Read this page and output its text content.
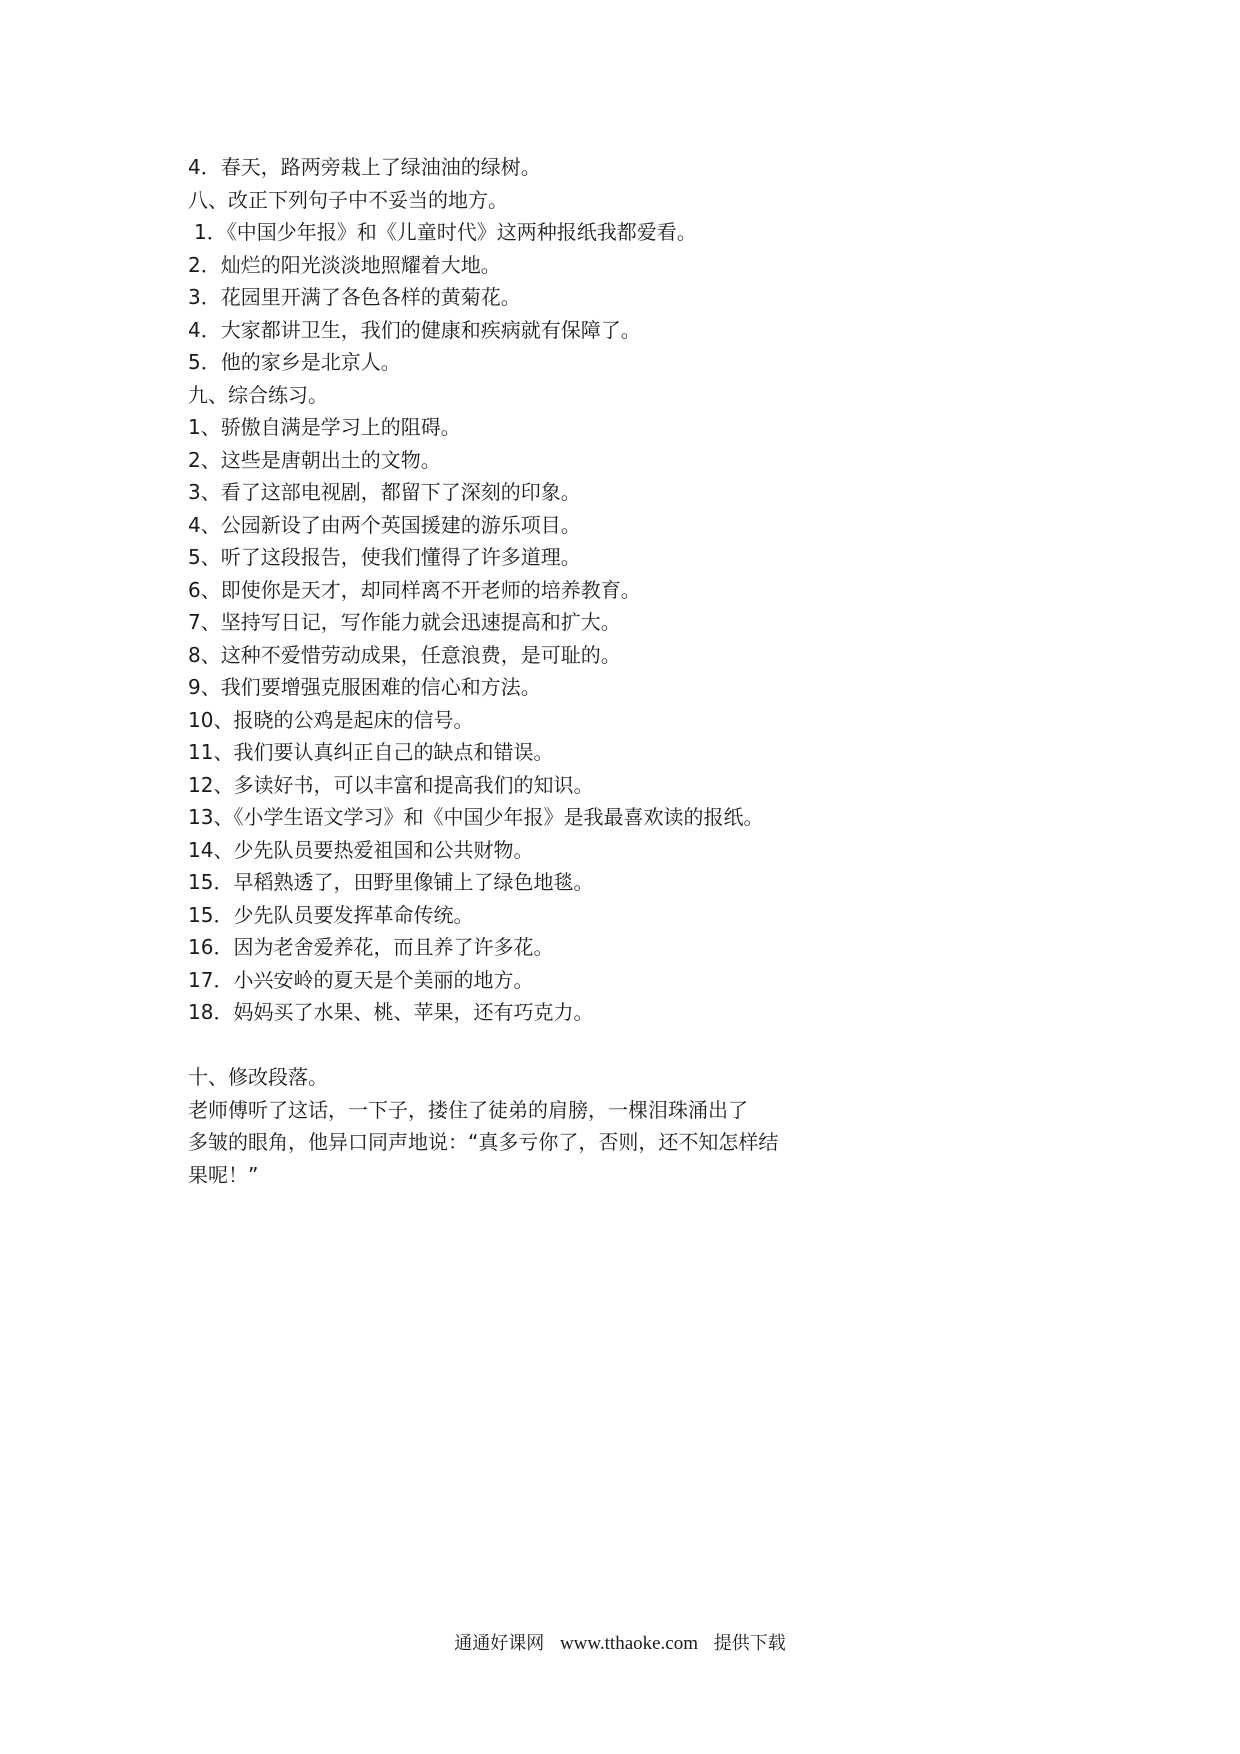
4．春天，路两旁栽上了绿油油的绿树。
八、改正下列句子中不妥当的地方。
1．《中国少年报》和《儿童时代》这两种报纸我都爱看。
2．灿烂的阳光淡淡地照耀着大地。
3．花园里开满了各色各样的黄菊花。
4．大家都讲卫生，我们的健康和疾病就有保障了。
5．他的家乡是北京人。
九、综合练习。
1、骄傲自满是学习上的阻碍。
2、这些是唐朝出土的文物。
3、看了这部电视剧，都留下了深刻的印象。
4、公园新设了由两个英国援建的游乐项目。
5、听了这段报告，使我们懂得了许多道理。
6、即使你是天才，却同样离不开老师的培养教育。
7、坚持写日记，写作能力就会迅速提高和扩大。
8、这种不爱惜劳动成果，任意浪费，是可耻的。
9、我们要增强克服困难的信心和方法。
10、报晓的公鸡是起床的信号。
11、我们要认真纠正自己的缺点和错误。
12、多读好书，可以丰富和提高我们的知识。
13、《小学生语文学习》和《中国少年报》是我最喜欢读的报纸。
14、少先队员要热爱祖国和公共财物。
15．早稻熟透了，田野里像铺上了绿色地毯。
15．少先队员要发挥革命传统。
16．因为老舍爱养花，而且养了许多花。
17．小兴安岭的夏天是个美丽的地方。
18．妈妈买了水果、桃、苹果，还有巧克力。
十、修改段落。
老师傅听了这话，一下子，搂住了徒弟的肩膀，一棵泪珠涌出了
多皱的眼角，他异口同声地说：“真多亏你了，否则，还不知怎样结
果呢！”
通通好课网 www.tthaoke.com 提供下载
